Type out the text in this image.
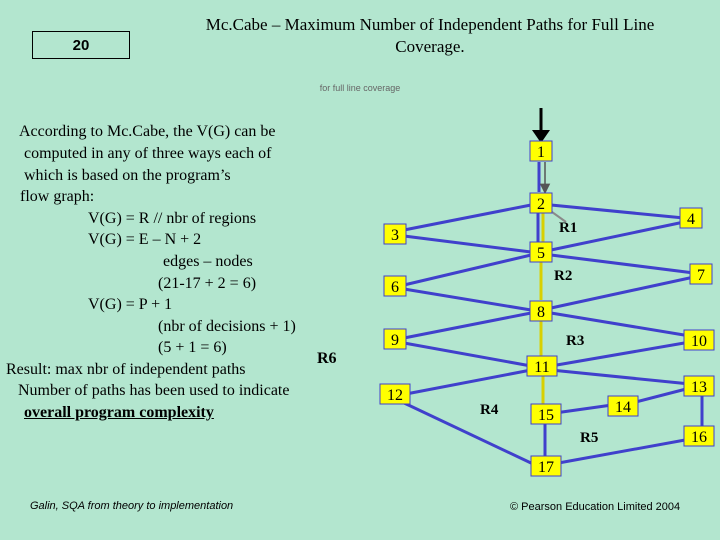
20
Mc.Cabe – Maximum Number of Independent Paths for Full Line Coverage.
for full line coverage
According to Mc.Cabe, the V(G) can be
computed in any of three ways each of
which is based on the program’s
flow graph:
V(G) = R // nbr of regions
V(G) = E – N + 2
edges – nodes
(21-17 + 2 = 6)
V(G) = P + 1
(nbr of decisions + 1)
(5 + 1 = 6)
Result: max nbr of independent paths
Number of paths has been used to indicate
overall program complexity
R6
1
2
3
4
5
6
7
8
9	10
11
12
14
13
15
16
17
R1
R2
R3
R4
R5
Galin, SQA from theory to implementation	© Pearson Education Limited 2004
